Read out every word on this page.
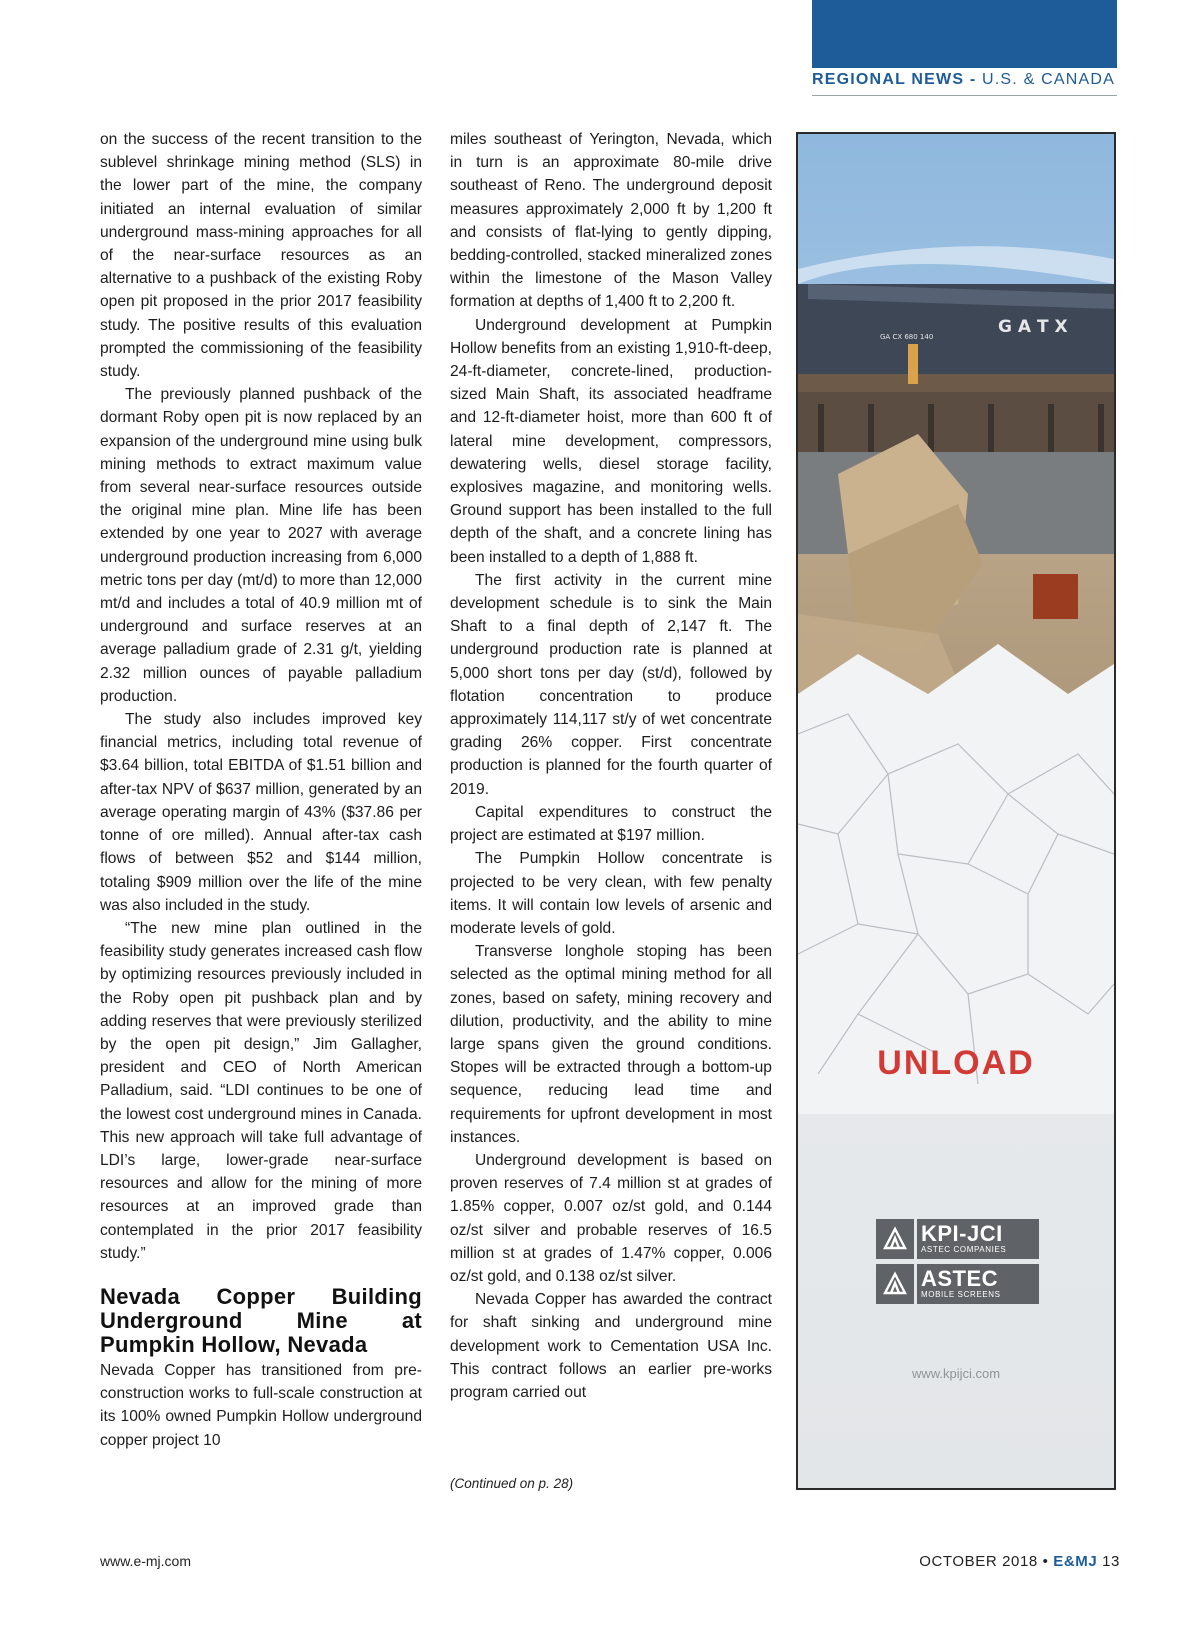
REGIONAL NEWS - U.S. & CANADA

on the success of the recent transition to the sublevel shrinkage mining method (SLS) in the lower part of the mine, the company initiated an internal evaluation of similar underground mass-mining approaches for all of the near-surface resources as an alternative to a pushback of the existing Roby open pit proposed in the prior 2017 feasibility study. The positive results of this evaluation prompted the commissioning of the feasibility study.

The previously planned pushback of the dormant Roby open pit is now replaced by an expansion of the underground mine using bulk mining methods to extract maximum value from several near-surface resources outside the original mine plan. Mine life has been extended by one year to 2027 with average underground production increasing from 6,000 metric tons per day (mt/d) to more than 12,000 mt/d and includes a total of 40.9 million mt of underground and surface reserves at an average palladium grade of 2.31 g/t, yielding 2.32 million ounces of payable palladium production.

The study also includes improved key financial metrics, including total revenue of $3.64 billion, total EBITDA of $1.51 billion and after-tax NPV of $637 million, generated by an average operating margin of 43% ($37.86 per tonne of ore milled). Annual after-tax cash flows of between $52 and $144 million, totaling $909 million over the life of the mine was also included in the study.

“The new mine plan outlined in the feasibility study generates increased cash flow by optimizing resources previously included in the Roby open pit pushback plan and by adding reserves that were previously sterilized by the open pit design,” Jim Gallagher, president and CEO of North American Palladium, said. “LDI continues to be one of the lowest cost underground mines in Canada. This new approach will take full advantage of LDI’s large, lower-grade near-surface resources and allow for the mining of more resources at an improved grade than contemplated in the prior 2017 feasibility study.”

Nevada Copper Building Underground Mine at Pumpkin Hollow, Nevada

Nevada Copper has transitioned from pre-construction works to full-scale construction at its 100% owned Pumpkin Hollow underground copper project 10

miles southeast of Yerington, Nevada, which in turn is an approximate 80-mile drive southeast of Reno. The underground deposit measures approximately 2,000 ft by 1,200 ft and consists of flat-lying to gently dipping, bedding-controlled, stacked mineralized zones within the limestone of the Mason Valley formation at depths of 1,400 ft to 2,200 ft.

Underground development at Pumpkin Hollow benefits from an existing 1,910-ft-deep, 24-ft-diameter, concrete-lined, production-sized Main Shaft, its associated headframe and 12-ft-diameter hoist, more than 600 ft of lateral mine development, compressors, dewatering wells, diesel storage facility, explosives magazine, and monitoring wells. Ground support has been installed to the full depth of the shaft, and a concrete lining has been installed to a depth of 1,888 ft.

The first activity in the current mine development schedule is to sink the Main Shaft to a final depth of 2,147 ft. The underground production rate is planned at 5,000 short tons per day (st/d), followed by flotation concentration to produce approximately 114,117 st/y of wet concentrate grading 26% copper. First concentrate production is planned for the fourth quarter of 2019.

Capital expenditures to construct the project are estimated at $197 million.

The Pumpkin Hollow concentrate is projected to be very clean, with few penalty items. It will contain low levels of arsenic and moderate levels of gold.

Transverse longhole stoping has been selected as the optimal mining method for all zones, based on safety, mining recovery and dilution, productivity, and the ability to mine large spans given the ground conditions. Stopes will be extracted through a bottom-up sequence, reducing lead time and requirements for upfront development in most instances.

Underground development is based on proven reserves of 7.4 million st at grades of 1.85% copper, 0.007 oz/st gold, and 0.144 oz/st silver and probable reserves of 16.5 million st at grades of 1.47% copper, 0.006 oz/st gold, and 0.138 oz/st silver.

Nevada Copper has awarded the contract for shaft sinking and underground mine development work to Cementation USA Inc. This contract follows an earlier pre-works program carried out

(Continued on p. 28)
G A T X
GA CX 680 140
UNLOAD
KPI-JCI
ASTEC COMPANIES
ASTEC
MOBILE SCREENS
www.kpijci.com
www.e-mj.com	OCTOBER 2018 • E&MJ 13
